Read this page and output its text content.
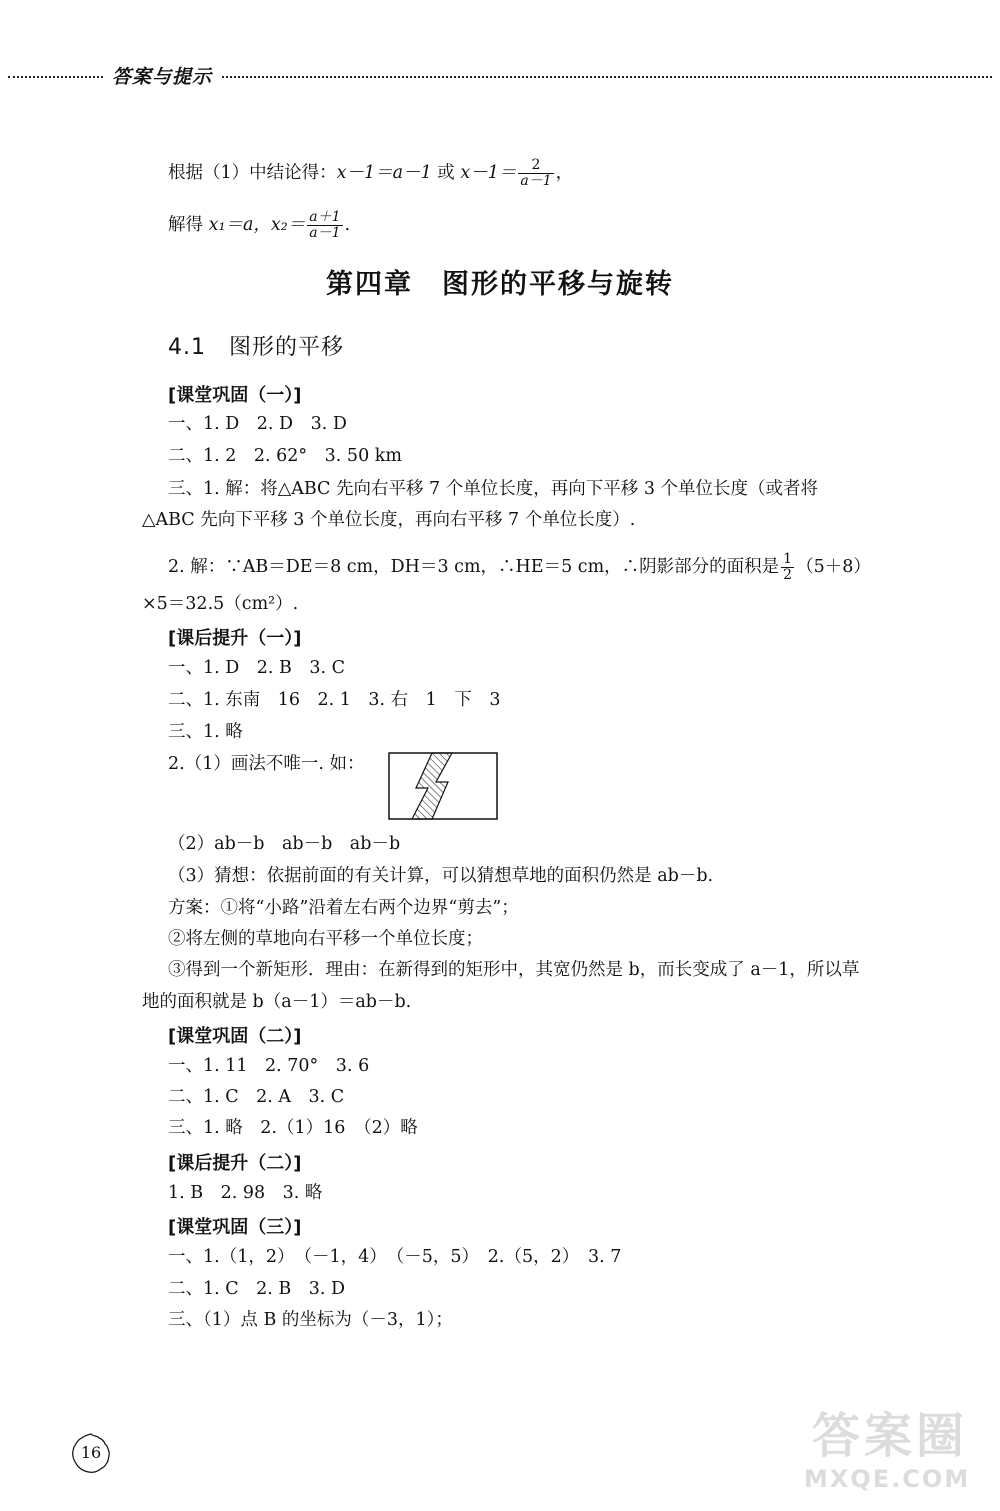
答案与提示
根据（1）中结论得：x－1＝a－1 或 $x-1= \frac{2}{a-1}$ ，
解得 x₁＝a，$x_2= \frac{a+1}{a-1}$ .
第四章　图形的平移与旋转
4.1　图形的平移
[课堂巩固（一）]
一、1. D　2. D　3. D
二、1. 2　2. 62°　3. 50 km
三、1. 解：将△ABC 先向右平移 7 个单位长度，再向下平移 3 个单位长度（或者将
△ABC 先向下平移 3 个单位长度，再向右平移 7 个单位长度）.
2. 解：∵AB＝DE＝8 cm，DH＝3 cm，∴HE＝5 cm，∴阴影部分的面积是 $\frac{1}{2} (5+8)$
×5＝32.5（cm²）.
[课后提升（一）]
一、1. D　2. B　3. C
二、1. 东南　16　2. 1　3. 右　1　下　3
三、1. 略
2.（1）画法不唯一. 如：
（2）ab－b　ab－b　ab－b
（3）猜想：依据前面的有关计算，可以猜想草地的面积仍然是 ab－b.
方案：①将“小路”沿着左右两个边界“剪去”；
②将左侧的草地向右平移一个单位长度；
③得到一个新矩形．理由：在新得到的矩形中，其宽仍然是 b，而长变成了 a－1，所以草
地的面积就是 b（a－1）＝ab－b.
[课堂巩固（二）]
一、1. 11　2. 70°　3. 6
二、1. C　2. A　3. C
三、1. 略　2.（1）16　（2）略
[课后提升（二）]
1. B　2. 98　3. 略
[课堂巩固（三）]
一、1.（1，2）　（－1，4）　（－5，5）　2.（5，2）　3. 7
二、1. C　2. B　3. D
三、（1）点 B 的坐标为（－3，1）；
16	答案圈
MXQE.COM
